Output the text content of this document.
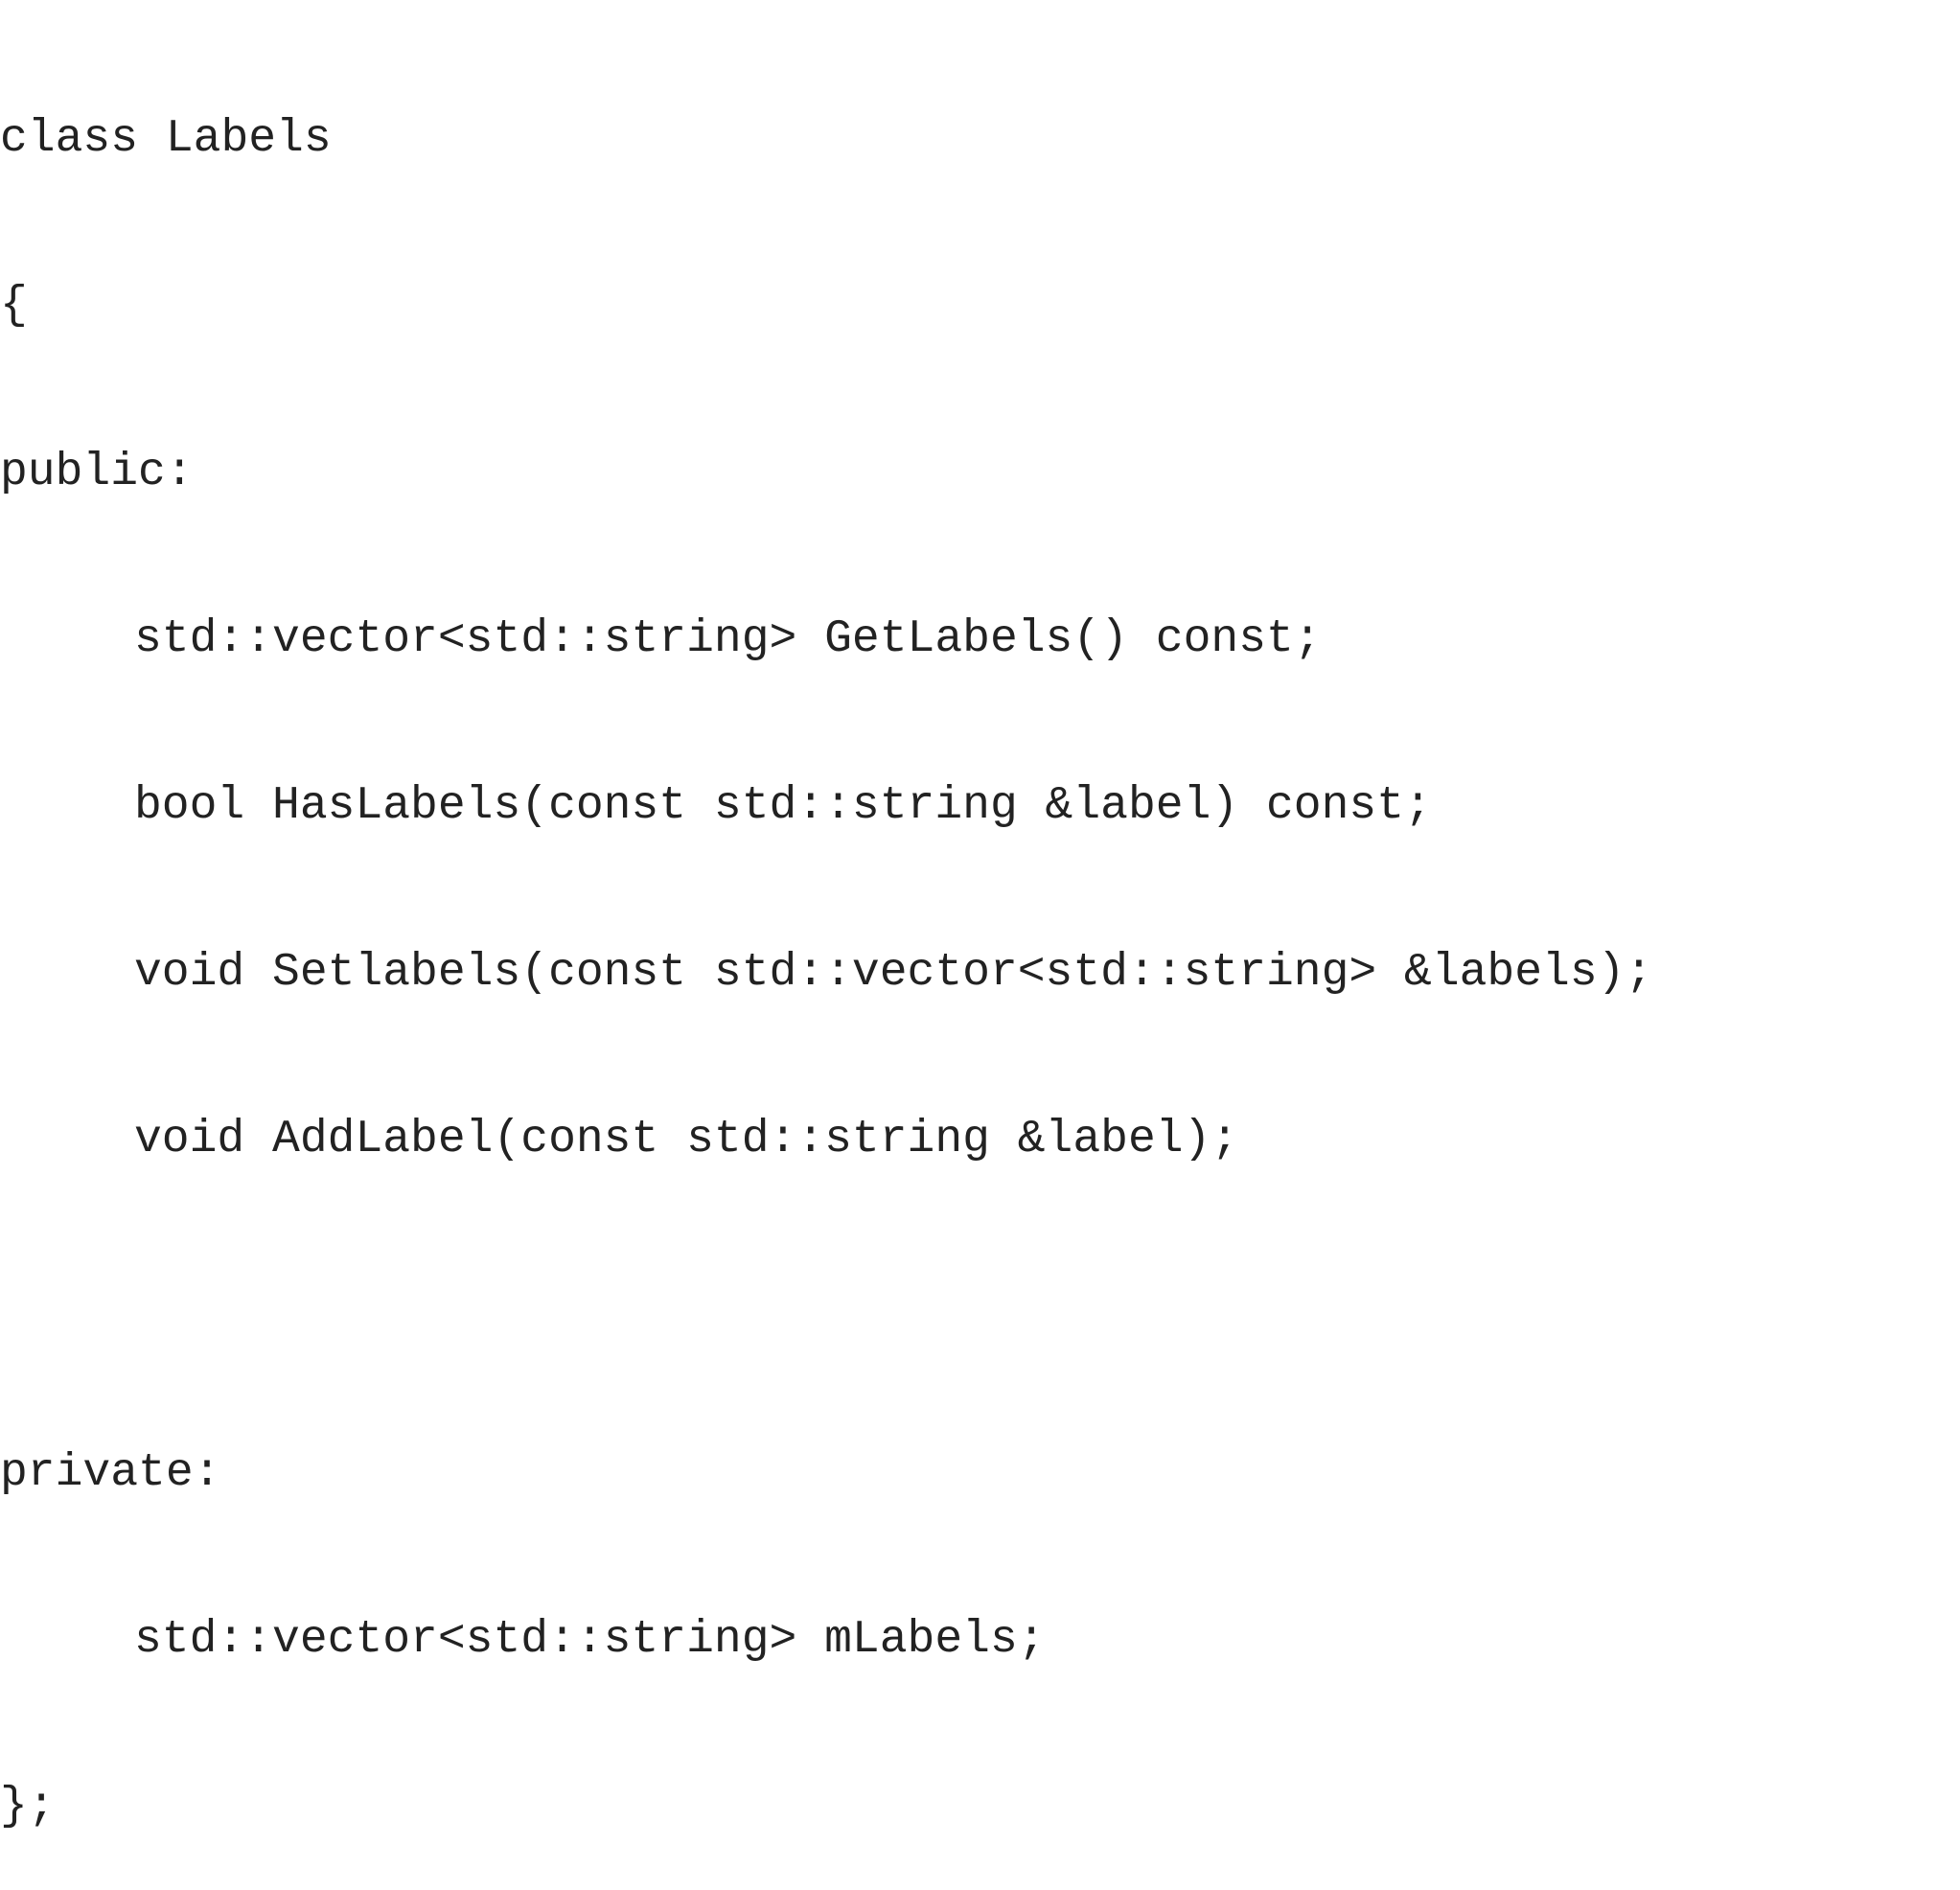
class Labels

{

public:

std::vector<std::string> GetLabels() const;

bool HasLabels(const std::string &label) const;

void Setlabels(const std::vector<std::string> &labels);

void AddLabel(const std::string &label);

private:

std::vector<std::string> mLabels;

};
